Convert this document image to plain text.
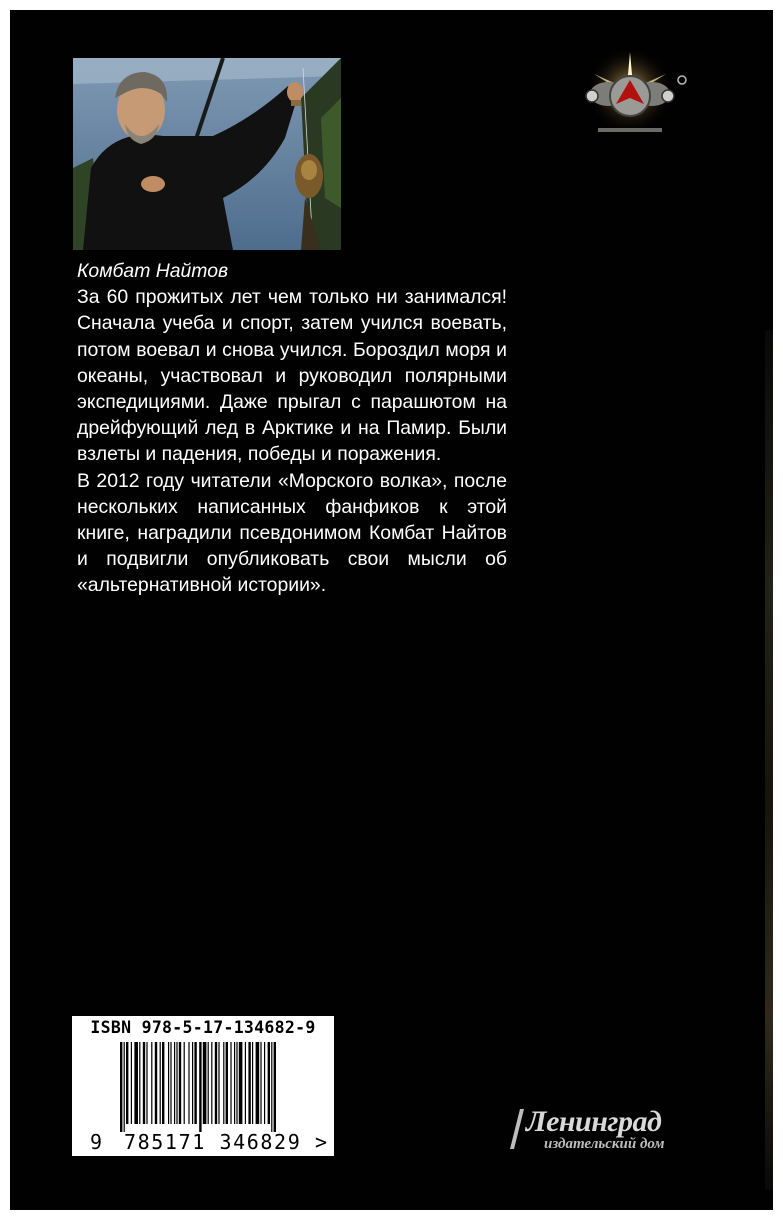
Комбат Найтов

За 60 прожитых лет чем только ни занимался! Сначала учеба и спорт, затем учился воевать, потом воевал и снова учился. Бороздил моря и океаны, участвовал и руководил полярными экспедициями. Даже прыгал с парашютом на дрейфующий лед в Арктике и на Памир. Были взлеты и падения, победы и поражения.

В 2012 году читатели «Морского волка», после нескольких написанных фанфиков к этой книге, наградили псевдонимом Комбат Найтов и подвигли опубликовать свои мысли об «альтернативной истории».

ISBN 978-5-17-134682-9
9 785171 346829 >
Ленинград
издательский дом
